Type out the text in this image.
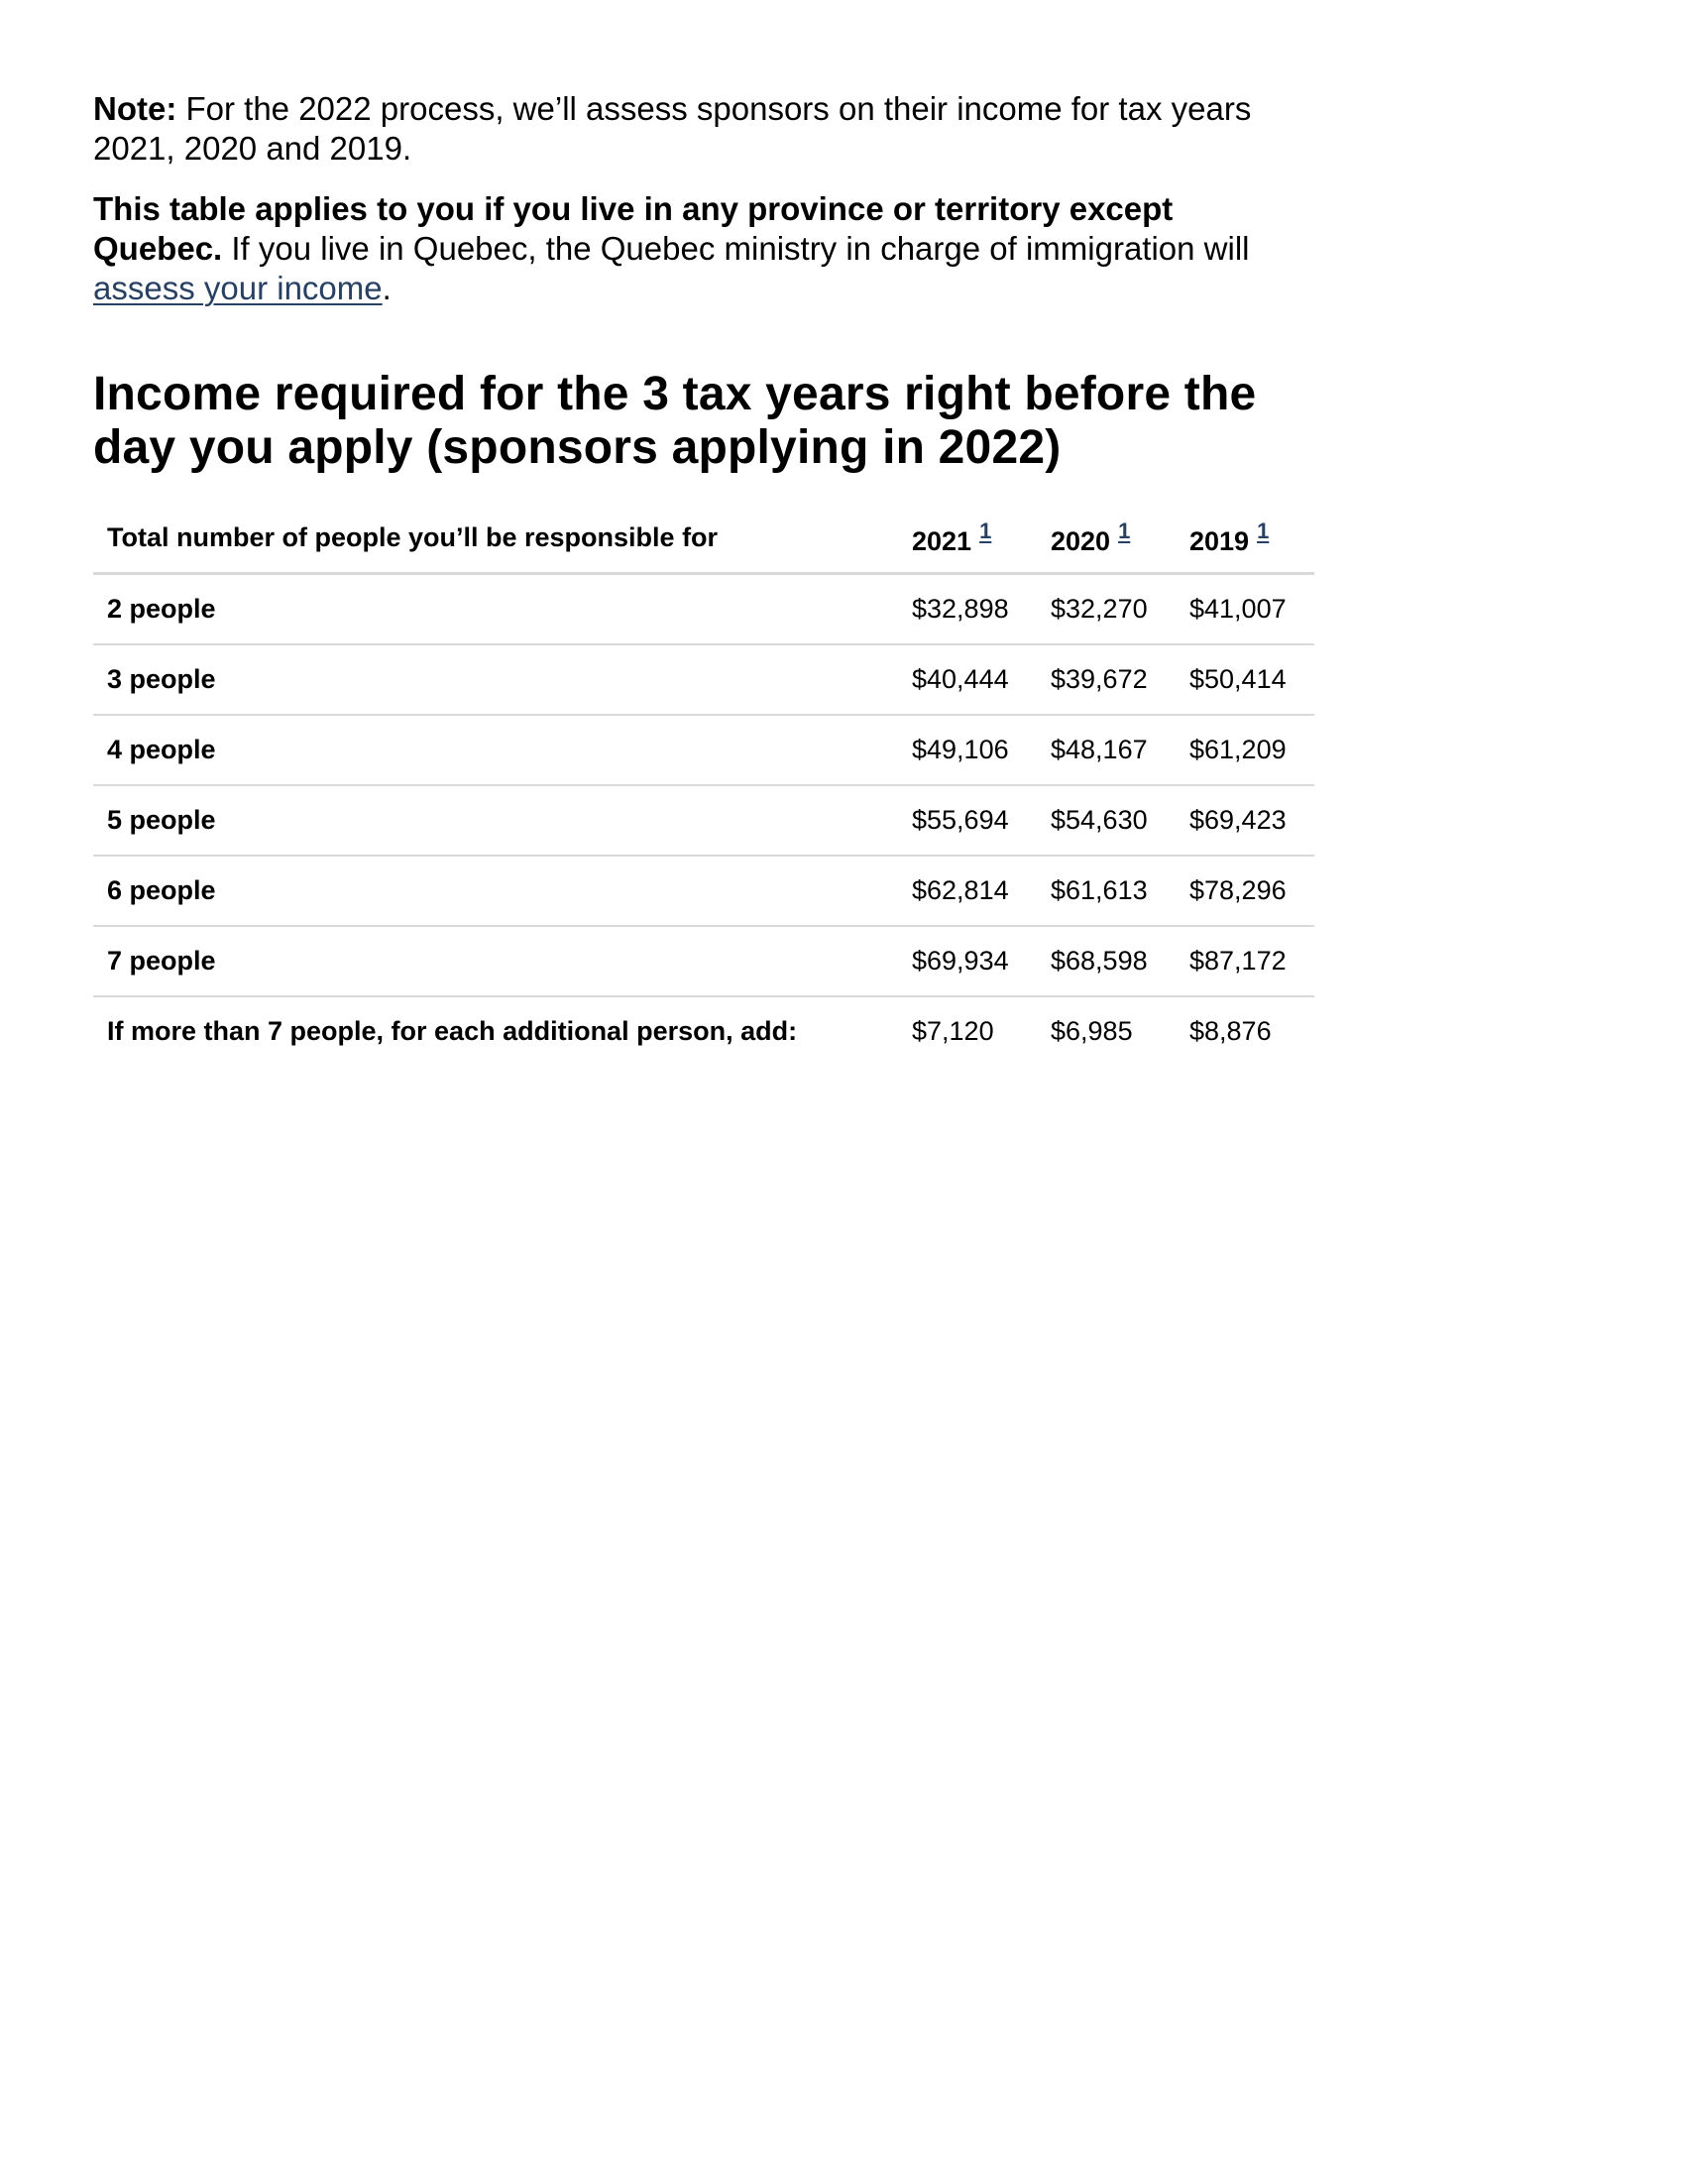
Note: For the 2022 process, we’ll assess sponsors on their income for tax years 2021, 2020 and 2019.

This table applies to you if you live in any province or territory except Quebec. If you live in Quebec, the Quebec ministry in charge of immigration will assess your income.

Income required for the 3 tax years right before the day you apply (sponsors applying in 2022)
Total number of people you’ll be responsible for	2021 $^1$	2020 $^1$	2019 $^1$
2 people	$32,898	$32,270	$41,007
3 people	$40,444	$39,672	$50,414
4 people	$49,106	$48,167	$61,209
5 people	$55,694	$54,630	$69,423
6 people	$62,814	$61,613	$78,296
7 people	$69,934	$68,598	$87,172
If more than 7 people, for each additional person, add:	$7,120	$6,985	$8,876
